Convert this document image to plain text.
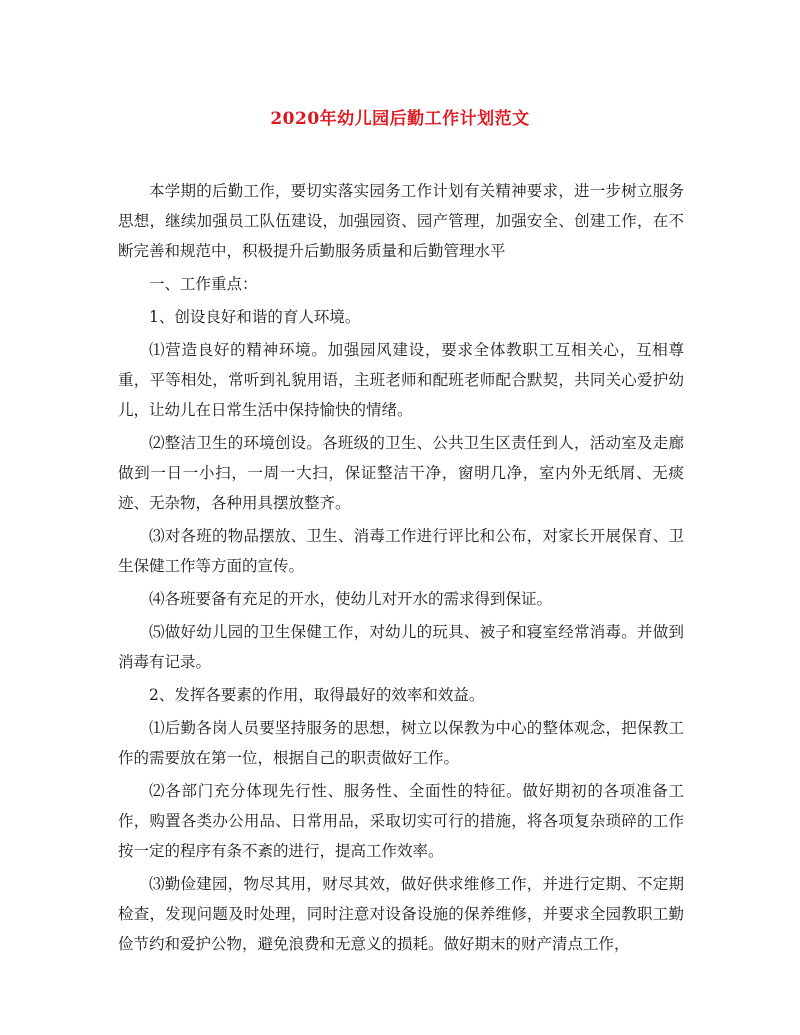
2020年幼儿园后勤工作计划范文

本学期的后勤工作，要切实落实园务工作计划有关精神要求，进一步树立服务思想，继续加强员工队伍建设，加强园资、园产管理，加强安全、创建工作，在不断完善和规范中，积极提升后勤服务质量和后勤管理水平

一、工作重点：

1、创设良好和谐的育人环境。

⑴营造良好的精神环境。加强园风建设，要求全体教职工互相关心，互相尊重，平等相处，常听到礼貌用语，主班老师和配班老师配合默契，共同关心爱护幼儿，让幼儿在日常生活中保持愉快的情绪。

⑵整洁卫生的环境创设。各班级的卫生、公共卫生区责任到人，活动室及走廊做到一日一小扫，一周一大扫，保证整洁干净，窗明几净，室内外无纸屑、无痰迹、无杂物，各种用具摆放整齐。

⑶对各班的物品摆放、卫生、消毒工作进行评比和公布，对家长开展保育、卫生保健工作等方面的宣传。

⑷各班要备有充足的开水，使幼儿对开水的需求得到保证。

⑸做好幼儿园的卫生保健工作，对幼儿的玩具、被子和寝室经常消毒。并做到消毒有记录。

2、发挥各要素的作用，取得最好的效率和效益。

⑴后勤各岗人员要坚持服务的思想，树立以保教为中心的整体观念，把保教工作的需要放在第一位，根据自己的职责做好工作。

⑵各部门充分体现先行性、服务性、全面性的特征。做好期初的各项准备工作，购置各类办公用品、日常用品，采取切实可行的措施，将各项复杂琐碎的工作按一定的程序有条不紊的进行，提高工作效率。

⑶勤俭建园，物尽其用，财尽其效，做好供求维修工作，并进行定期、不定期检查，发现问题及时处理，同时注意对设备设施的保养维修，并要求全园教职工勤俭节约和爱护公物，避免浪费和无意义的损耗。做好期末的财产清点工作，
